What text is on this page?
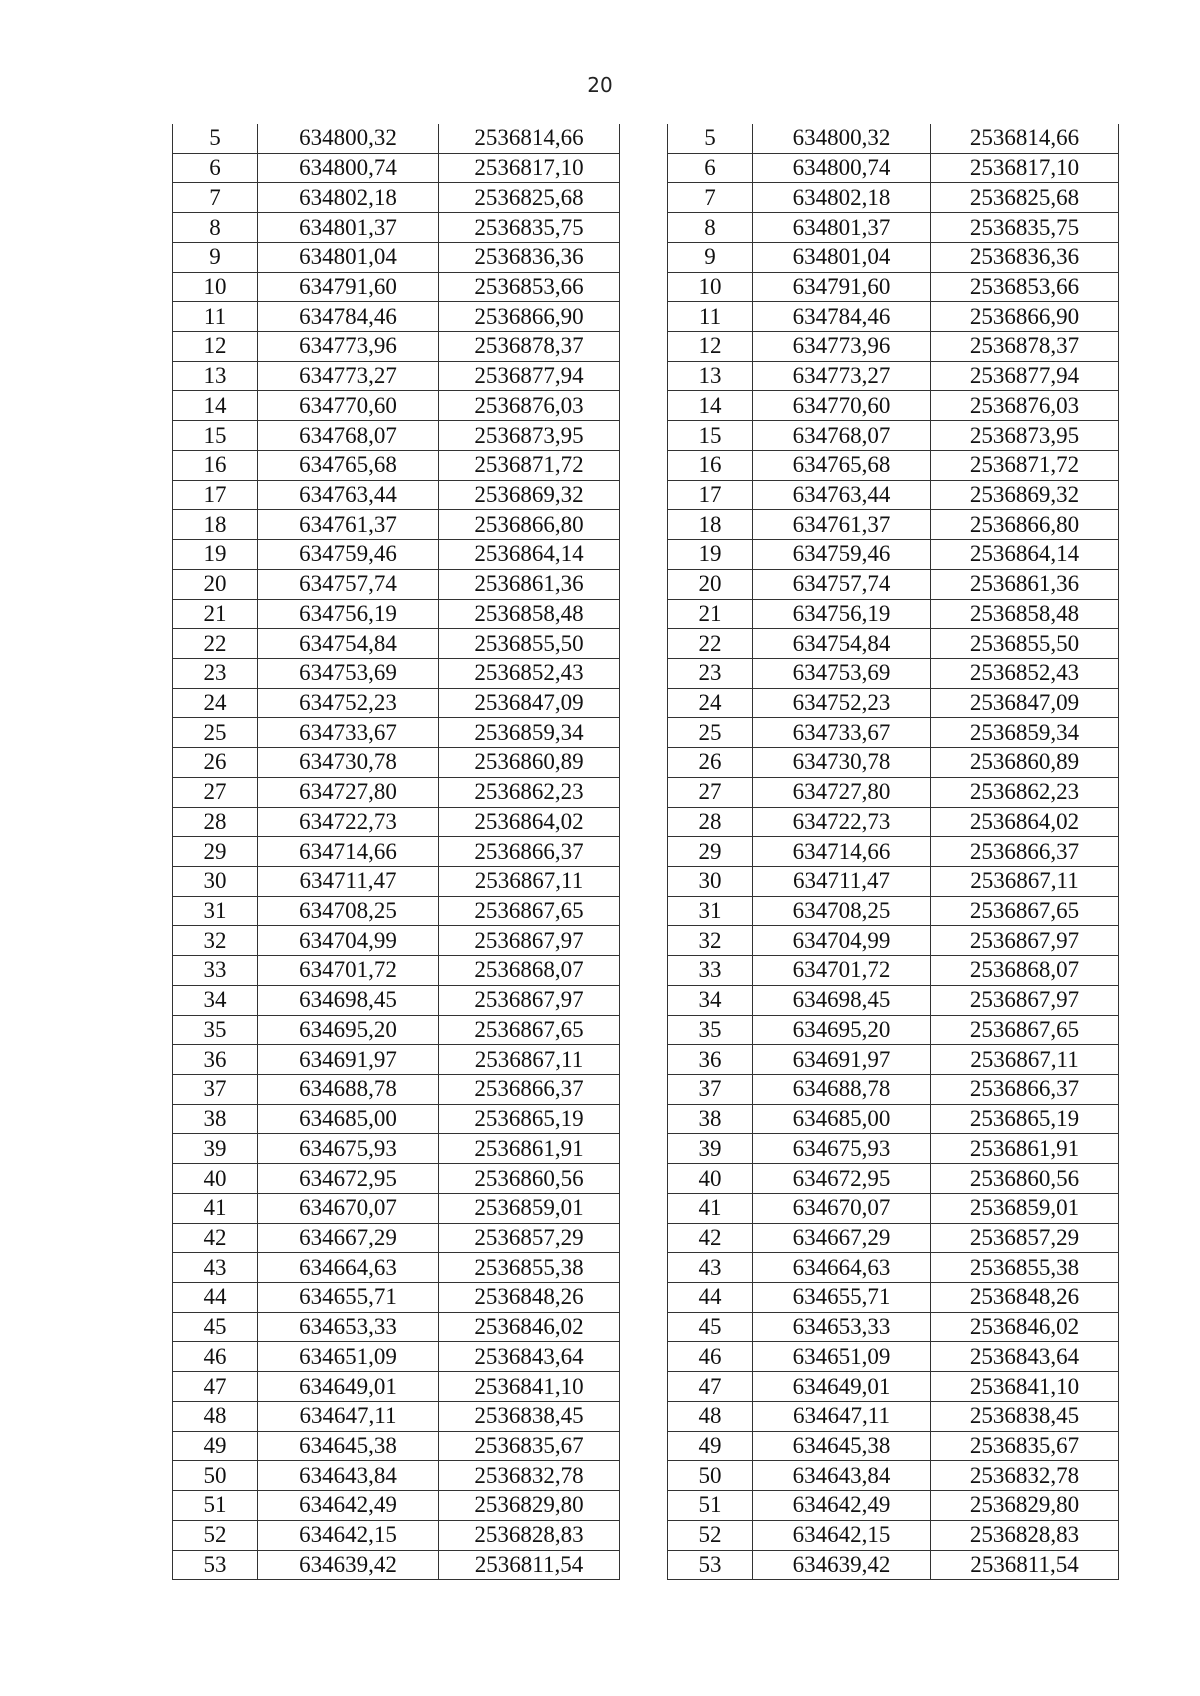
20
5	634800,32	2536814,66		5	634800,32	2536814,66
6	634800,74	2536817,10		6	634800,74	2536817,10
7	634802,18	2536825,68		7	634802,18	2536825,68
8	634801,37	2536835,75		8	634801,37	2536835,75
9	634801,04	2536836,36		9	634801,04	2536836,36
10	634791,60	2536853,66		10	634791,60	2536853,66
11	634784,46	2536866,90		11	634784,46	2536866,90
12	634773,96	2536878,37		12	634773,96	2536878,37
13	634773,27	2536877,94		13	634773,27	2536877,94
14	634770,60	2536876,03		14	634770,60	2536876,03
15	634768,07	2536873,95		15	634768,07	2536873,95
16	634765,68	2536871,72		16	634765,68	2536871,72
17	634763,44	2536869,32		17	634763,44	2536869,32
18	634761,37	2536866,80		18	634761,37	2536866,80
19	634759,46	2536864,14		19	634759,46	2536864,14
20	634757,74	2536861,36		20	634757,74	2536861,36
21	634756,19	2536858,48		21	634756,19	2536858,48
22	634754,84	2536855,50		22	634754,84	2536855,50
23	634753,69	2536852,43		23	634753,69	2536852,43
24	634752,23	2536847,09		24	634752,23	2536847,09
25	634733,67	2536859,34		25	634733,67	2536859,34
26	634730,78	2536860,89		26	634730,78	2536860,89
27	634727,80	2536862,23		27	634727,80	2536862,23
28	634722,73	2536864,02		28	634722,73	2536864,02
29	634714,66	2536866,37		29	634714,66	2536866,37
30	634711,47	2536867,11		30	634711,47	2536867,11
31	634708,25	2536867,65		31	634708,25	2536867,65
32	634704,99	2536867,97		32	634704,99	2536867,97
33	634701,72	2536868,07		33	634701,72	2536868,07
34	634698,45	2536867,97		34	634698,45	2536867,97
35	634695,20	2536867,65		35	634695,20	2536867,65
36	634691,97	2536867,11		36	634691,97	2536867,11
37	634688,78	2536866,37		37	634688,78	2536866,37
38	634685,00	2536865,19		38	634685,00	2536865,19
39	634675,93	2536861,91		39	634675,93	2536861,91
40	634672,95	2536860,56		40	634672,95	2536860,56
41	634670,07	2536859,01		41	634670,07	2536859,01
42	634667,29	2536857,29		42	634667,29	2536857,29
43	634664,63	2536855,38		43	634664,63	2536855,38
44	634655,71	2536848,26		44	634655,71	2536848,26
45	634653,33	2536846,02		45	634653,33	2536846,02
46	634651,09	2536843,64		46	634651,09	2536843,64
47	634649,01	2536841,10		47	634649,01	2536841,10
48	634647,11	2536838,45		48	634647,11	2536838,45
49	634645,38	2536835,67		49	634645,38	2536835,67
50	634643,84	2536832,78		50	634643,84	2536832,78
51	634642,49	2536829,80		51	634642,49	2536829,80
52	634642,15	2536828,83		52	634642,15	2536828,83
53	634639,42	2536811,54		53	634639,42	2536811,54
